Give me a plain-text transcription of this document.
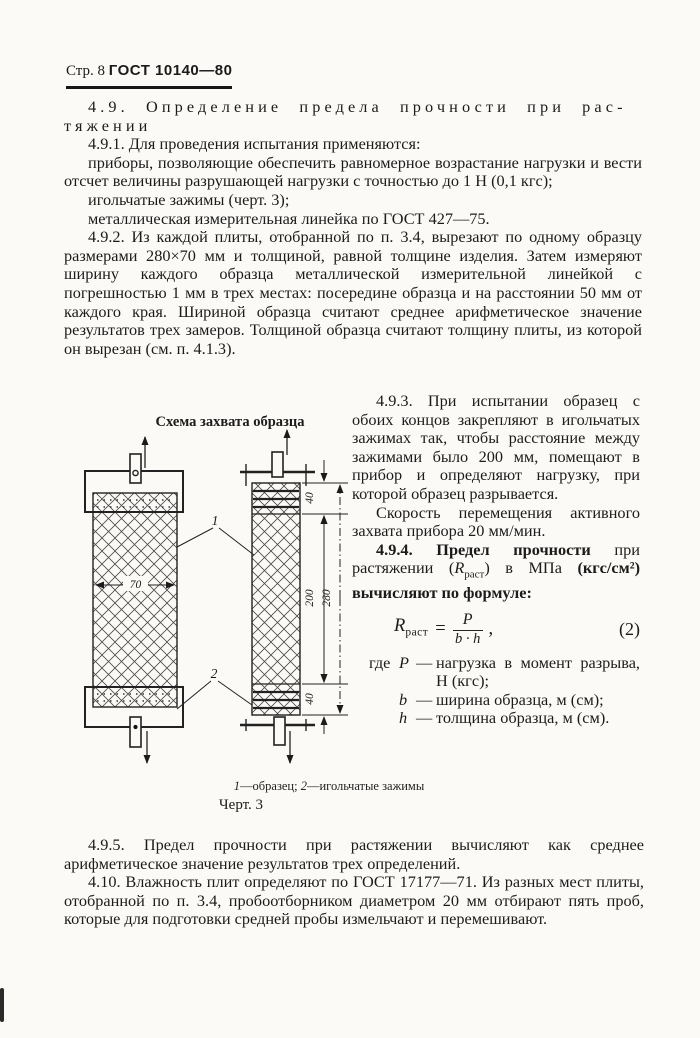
Стр. 8 ГОСТ 10140—80
4.9. Определение предела прочности при рас-
тяжении

4.9.1. Для проведения испытания применяются:

приборы, позволяющие обеспечить равномерное возрастание нагрузки и вести отсчет величины разрушающей нагрузки с точностью до 1 Н (0,1 кгс);

игольчатые зажимы (черт. 3);

металлическая измерительная линейка по ГОСТ 427—75.

4.9.2. Из каждой плиты, отобранной по п. 3.4, вырезают по одному образцу размерами 280×70 мм и толщиной, равной толщине изделия. Затем измеряют ширину каждого образца металлической измерительной линейкой с погрешностью 1 мм в трех местах: посередине образца и на расстоянии 50 мм от каждого края. Шириной образца считают среднее арифметическое значение результатов трех замеров. Толщиной образца считают толщину плиты, из которой он вырезан (см. п. 4.1.3).

Схема захвата образца
70
40
200
40
280
1
2
1—образец; 2—игольчатые зажимы
Черт. 3

4.9.3. При испытании образец с обоих концов закрепляют в игольчатых зажимах так, чтобы расстояние между зажимами было 200 мм, помещают в прибор и определяют нагрузку, при которой образец разрывается.

Скорость перемещения активного захвата прибора 20 мм/мин.

4.9.4. Предел прочности при растяжении $(R_{раст})$ в МПа (кгс/см²) вычисляют по формуле:

$R_{раст} = \frac{P}{b \cdot h}$ ,	(2)
где P — нагрузка в момент разрыва, Н (кгс);
b — ширина образца, м (см);
h — толщина образца, м (см).

4.9.5. Предел прочности при растяжении вычисляют как среднее арифметическое значение результатов трех определений.

4.10. Влажность плит определяют по ГОСТ 17177—71. Из разных мест плиты, отобранной по п. 3.4, пробоотборником диаметром 20 мм отбирают пять проб, которые для подготовки средней пробы измельчают и перемешивают.
